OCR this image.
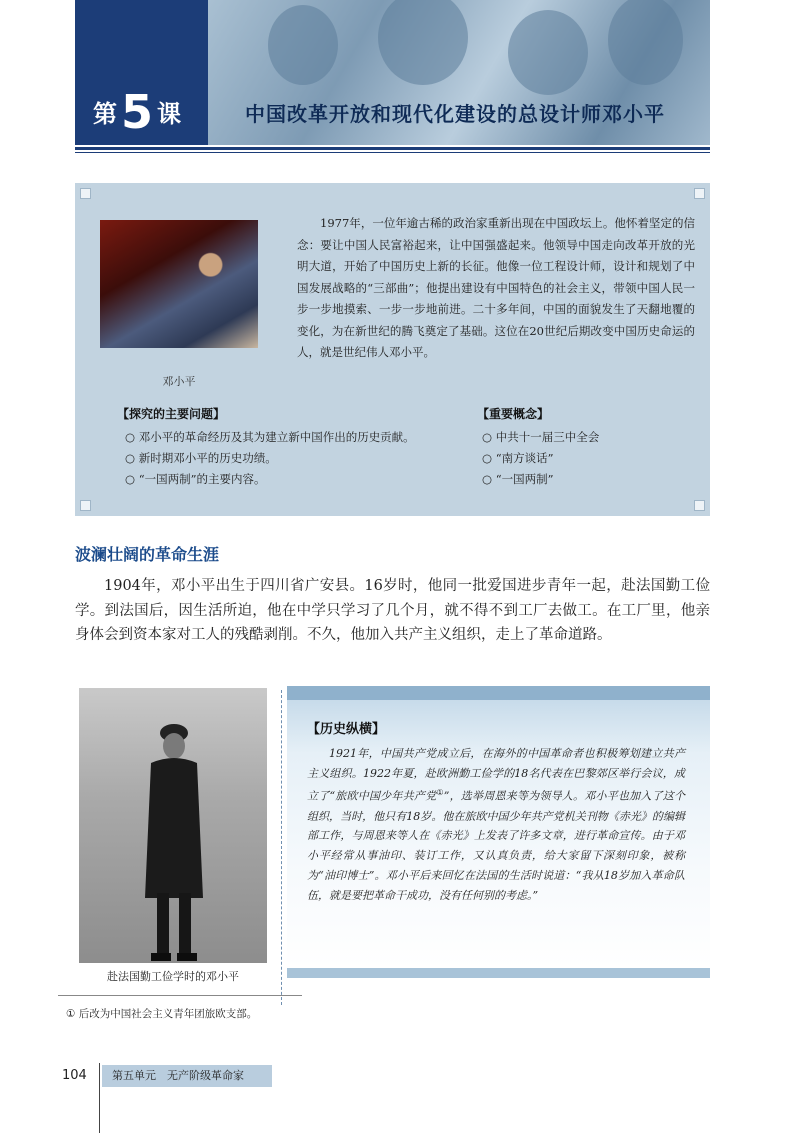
第5 课	中国改革开放和现代化建设的总设计师邓小平
邓小平
1977年，一位年逾古稀的政治家重新出现在中国政坛上。他怀着坚定的信念：要让中国人民富裕起来，让中国强盛起来。他领导中国走向改革开放的光明大道，开始了中国历史上新的长征。他像一位工程设计师，设计和规划了中国发展战略的“三部曲”；他提出建设有中国特色的社会主义，带领中国人民一步一步地摸索、一步一步地前进。二十多年间，中国的面貌发生了天翻地覆的变化，为在新世纪的腾飞奠定了基础。这位在20世纪后期改变中国历史命运的人，就是世纪伟人邓小平。
【探究的主要问题】
○ 邓小平的革命经历及其为建立新中国作出的历史贡献。
○ 新时期邓小平的历史功绩。
○ “一国两制”的主要内容。
【重要概念】
○ 中共十一届三中全会
○ “南方谈话”
○ “一国两制”
波澜壮阔的革命生涯
1904年，邓小平出生于四川省广安县。16岁时，他同一批爱国进步青年一起，赴法国勤工俭学。到法国后，因生活所迫，他在中学只学习了几个月，就不得不到工厂去做工。在工厂里，他亲身体会到资本家对工人的残酷剥削。不久，他加入共产主义组织，走上了革命道路。
赴法国勤工俭学时的邓小平
【历史纵横】
1921年，中国共产党成立后，在海外的中国革命者也积极筹划建立共产主义组织。1922年夏，赴欧洲勤工俭学的18名代表在巴黎郊区举行会议，成立了“旅欧中国少年共产党①”，选举周恩来等为领导人。邓小平也加入了这个组织，当时，他只有18岁。他在旅欧中国少年共产党机关刊物《赤光》的编辑部工作，与周恩来等人在《赤光》上发表了许多文章，进行革命宣传。由于邓小平经常从事油印、装订工作，又认真负责，给大家留下深刻印象，被称为“油印博士”。邓小平后来回忆在法国的生活时说道：“我从18岁加入革命队伍，就是要把革命干成功，没有任何别的考虑。”
① 后改为中国社会主义青年团旅欧支部。
104	第五单元　无产阶级革命家
